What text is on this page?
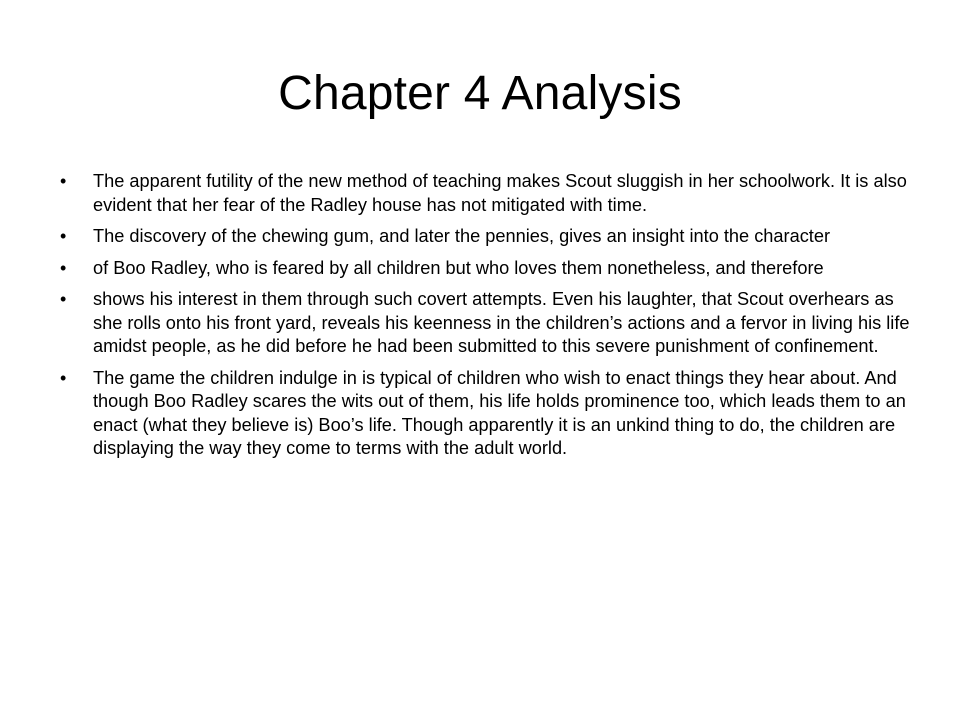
Chapter 4 Analysis
•	The apparent futility of the new method of teaching makes Scout sluggish in her schoolwork. It is also evident that her fear of the Radley house has not mitigated with time.
•	The discovery of the chewing gum, and later the pennies, gives an insight into the character
•	of Boo Radley, who is feared by all children but who loves them nonetheless, and therefore
•	shows his interest in them through such covert attempts. Even his laughter, that Scout overhears as she rolls onto his front yard, reveals his keenness in the children’s actions and a fervor in living his life amidst people, as he did before he had been submitted to this severe punishment of confinement.
•	The game the children indulge in is typical of children who wish to enact things they hear about. And though Boo Radley scares the wits out of them, his life holds prominence too, which leads them to an enact (what they believe is) Boo’s life. Though apparently it is an unkind thing to do, the children are displaying the way they come to terms with the adult world.
